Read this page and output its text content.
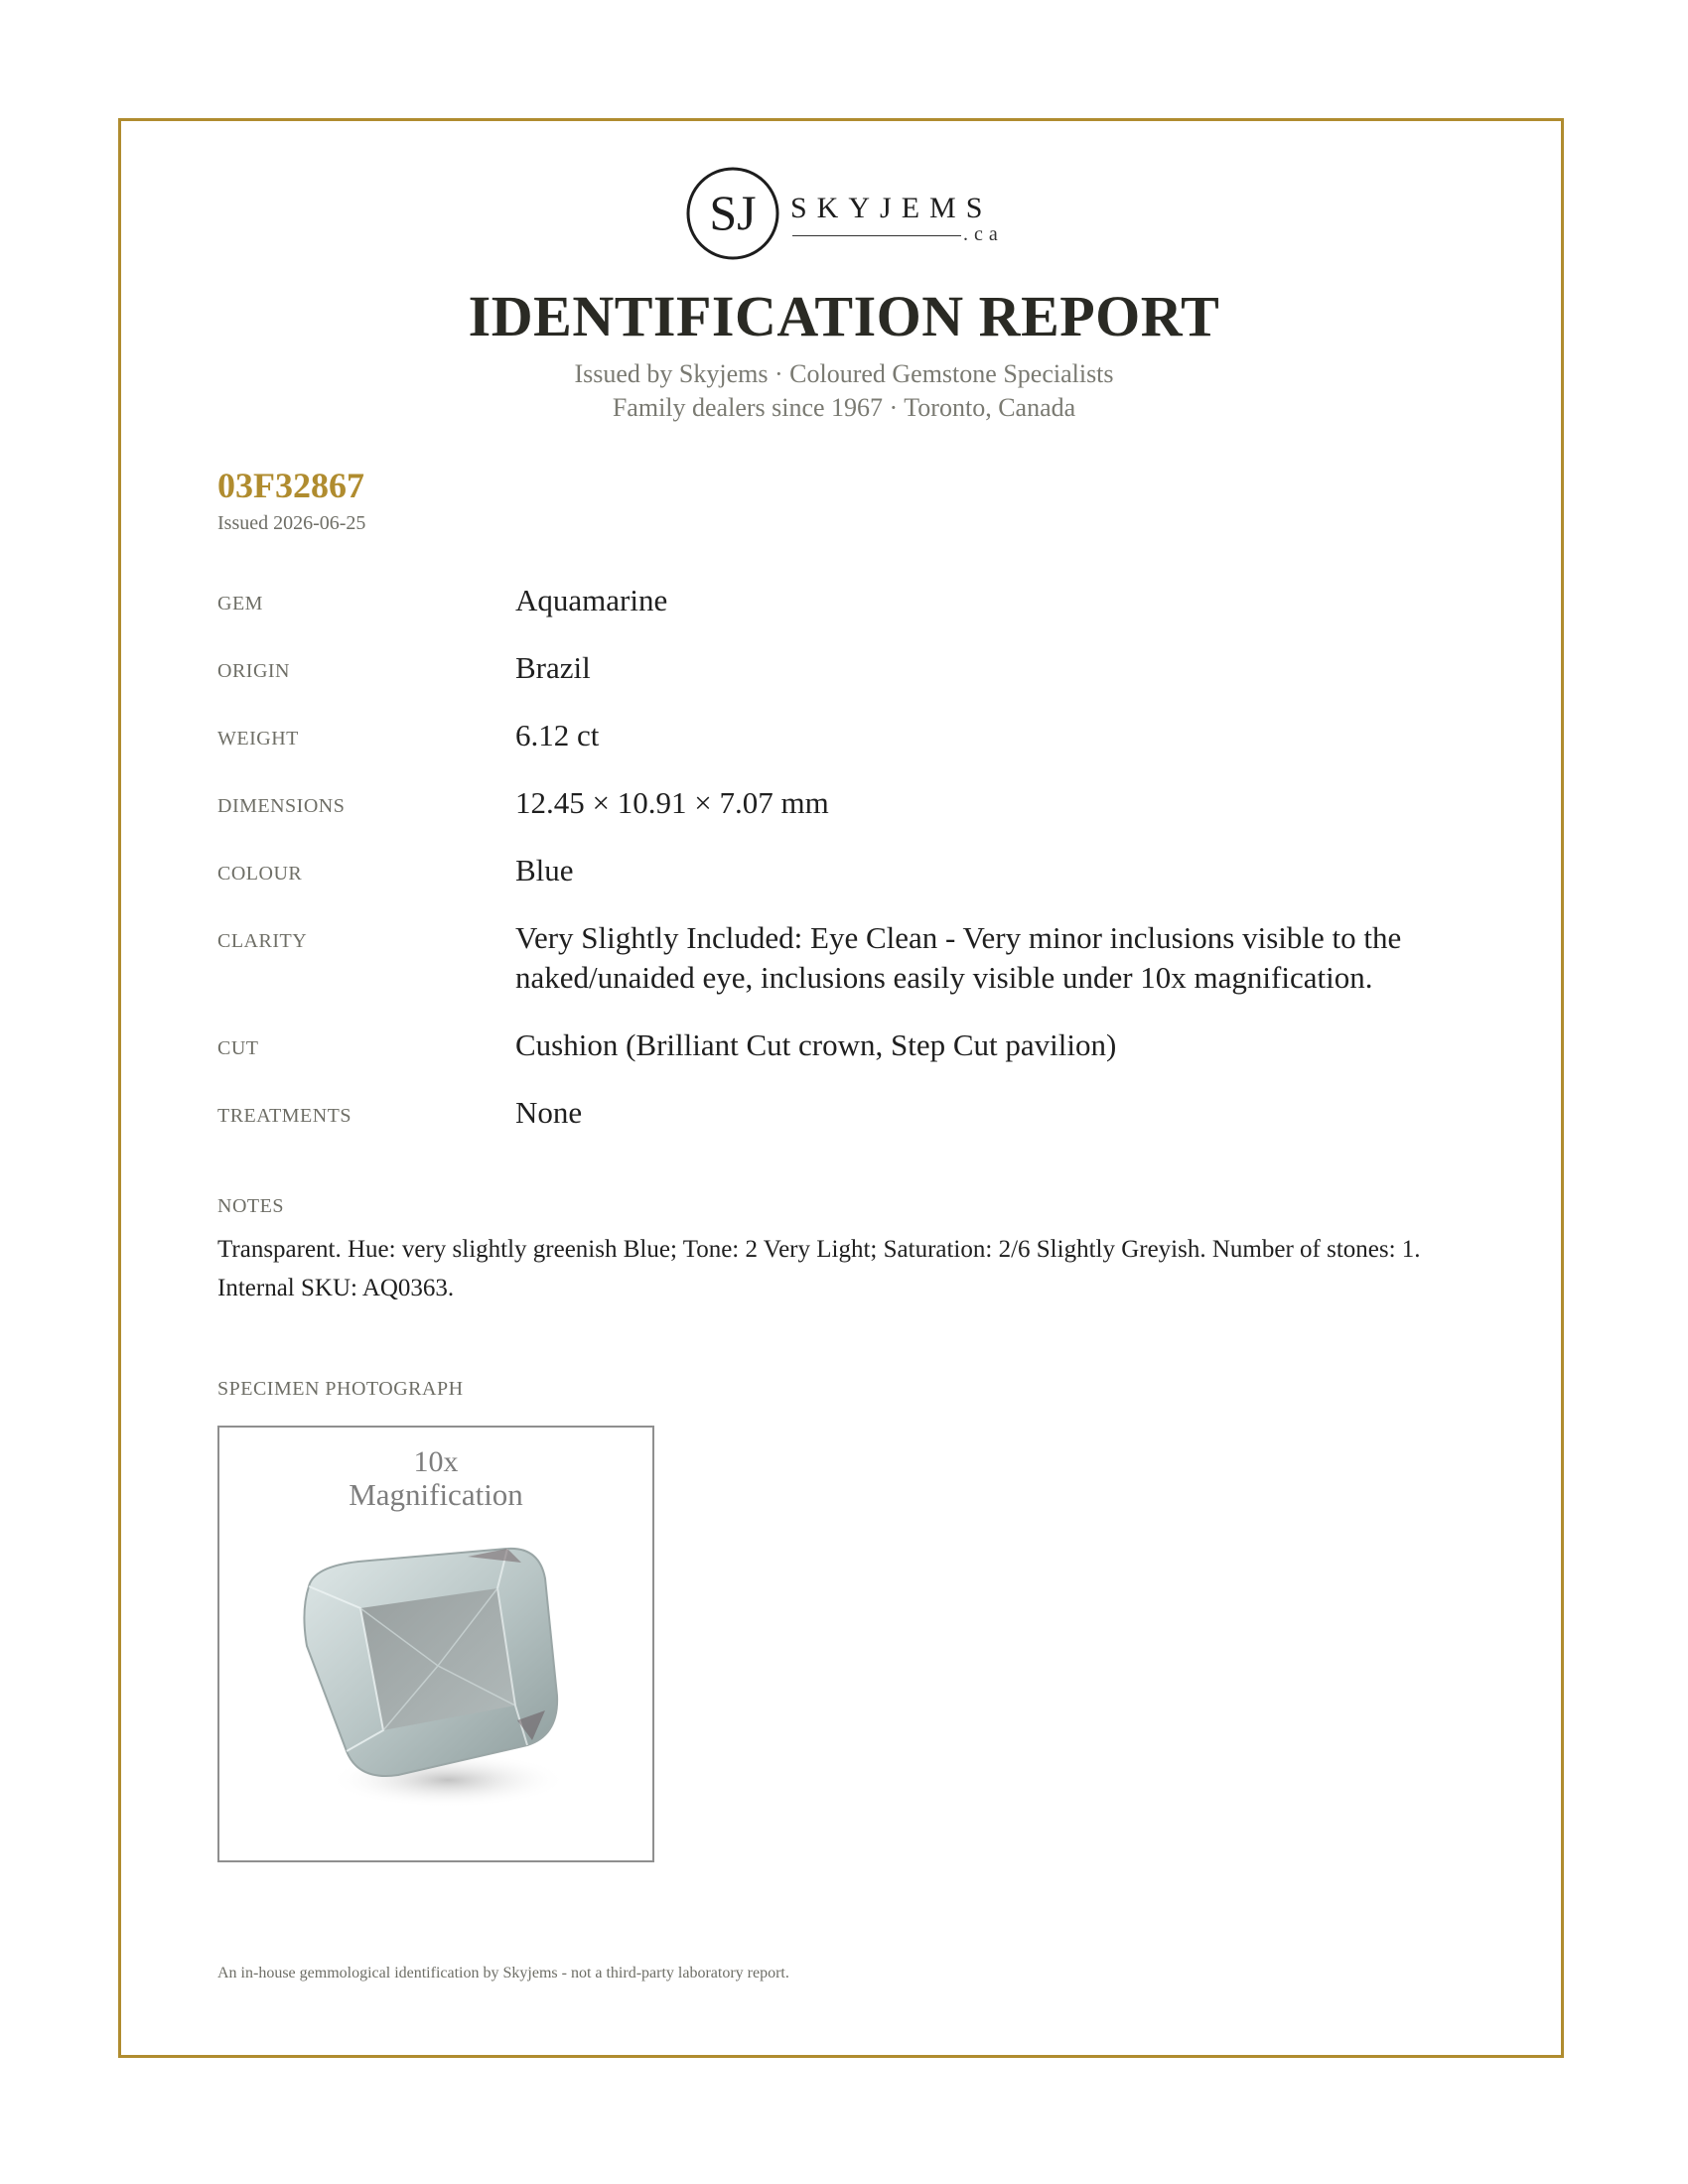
SJ SKYJEMS
.ca
IDENTIFICATION REPORT
Issued by Skyjems · Coloured Gemstone Specialists
Family dealers since 1967 · Toronto, Canada
03F32867
Issued 2026-06-25
GEM	Aquamarine
ORIGIN	Brazil
WEIGHT	6.12 ct
DIMENSIONS	12.45 × 10.91 × 7.07 mm
COLOUR	Blue
CLARITY	Very Slightly Included: Eye Clean - Very minor inclusions visible to the naked/unaided eye, inclusions easily visible under 10x magnification.
CUT	Cushion (Brilliant Cut crown, Step Cut pavilion)
TREATMENTS	None
NOTES
Transparent. Hue: very slightly greenish Blue; Tone: 2 Very Light; Saturation: 2/6 Slightly Greyish. Number of stones: 1. Internal SKU: AQ0363.
SPECIMEN PHOTOGRAPH
10x
Magnification
An in-house gemmological identification by Skyjems - not a third-party laboratory report.
